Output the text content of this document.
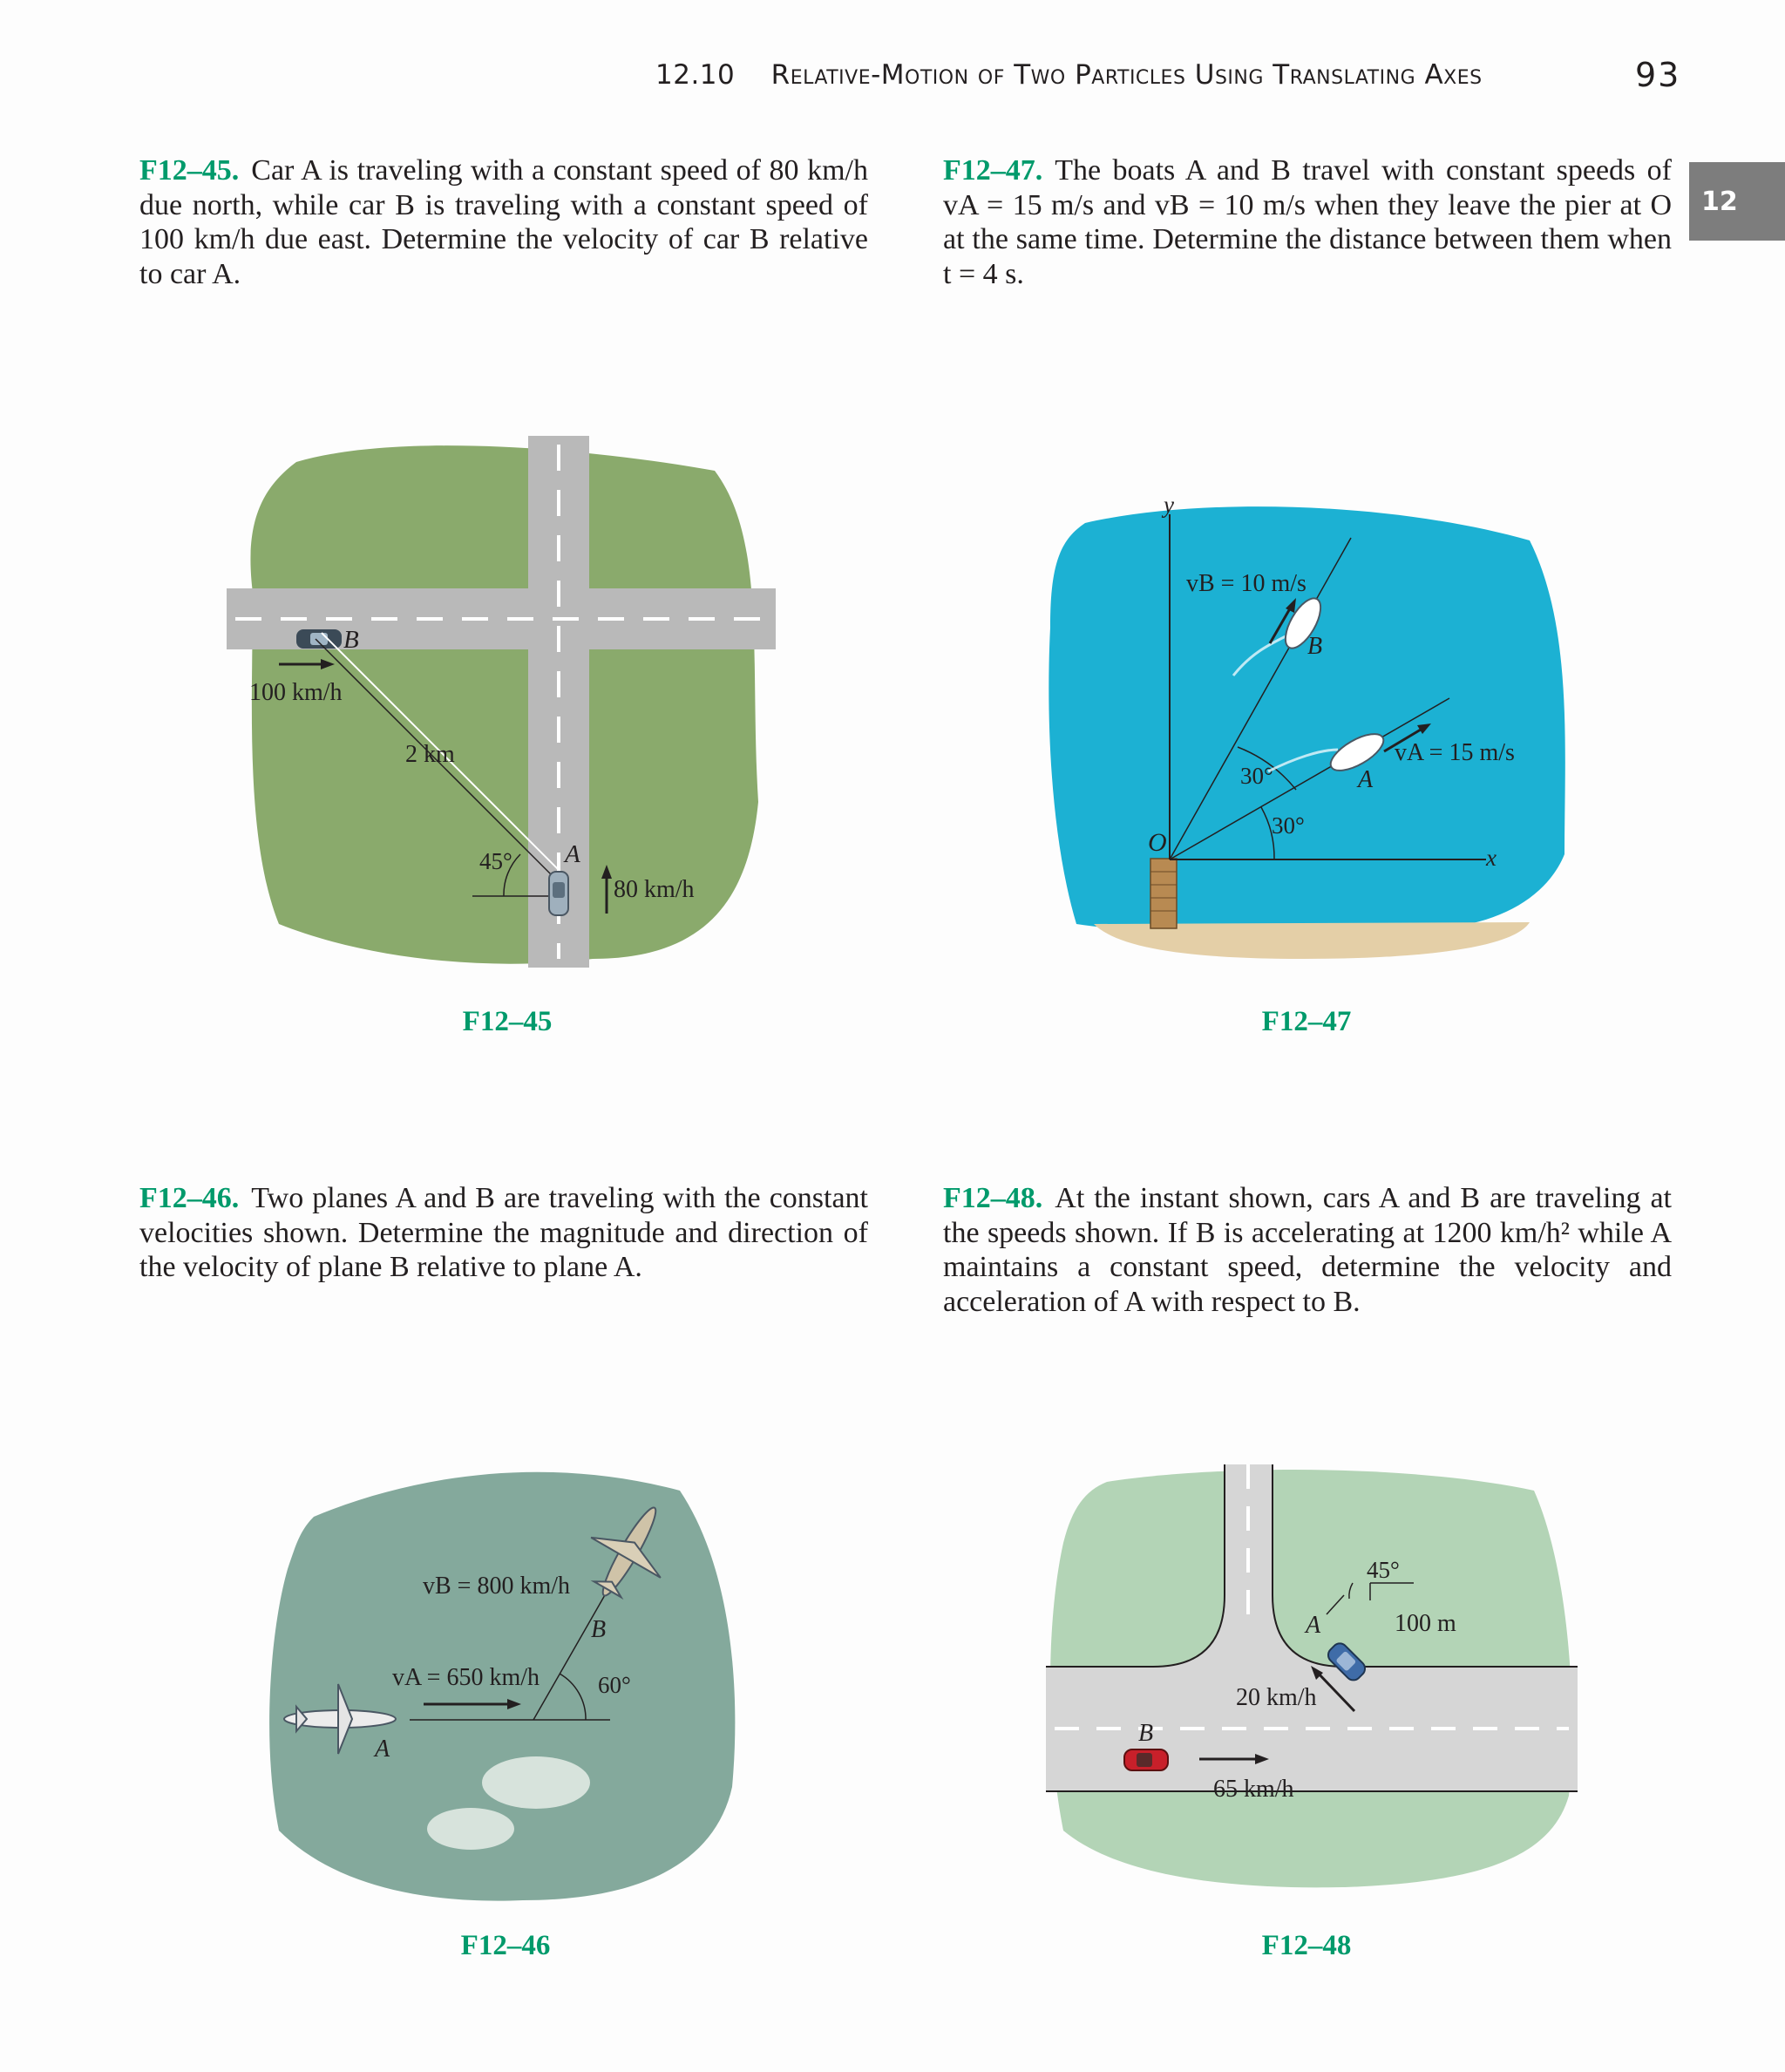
12.10 Relative-Motion of Two Particles Using Translating Axes	93
12
F12–45. Car A is traveling with a constant speed of 80 km/h due north, while car B is traveling with a constant speed of 100 km/h due east. Determine the velocity of car B relative to car A.
F12–47. The boats A and B travel with constant speeds of vA = 15 m/s and vB = 10 m/s when they leave the pier at O at the same time. Determine the distance between them when t = 4 s.
F12–46. Two planes A and B are traveling with the constant velocities shown. Determine the magnitude and direction of the velocity of plane B relative to plane A.
F12–48. At the instant shown, cars A and B are traveling at the speeds shown. If B is accelerating at 1200 km/h² while A maintains a constant speed, determine the velocity and acceleration of A with respect to B.
B
100 km/h
2 km
45° A
80 km/h
F12–45
y
x
O
30°
30°
B
vB = 10 m/s
A
vA = 15 m/s
F12–47
60°
B
vB = 800 km/h
vA = 650 km/h
A
F12–46
45°
100 m
A
20 km/h
B
65 km/h
F12–48
